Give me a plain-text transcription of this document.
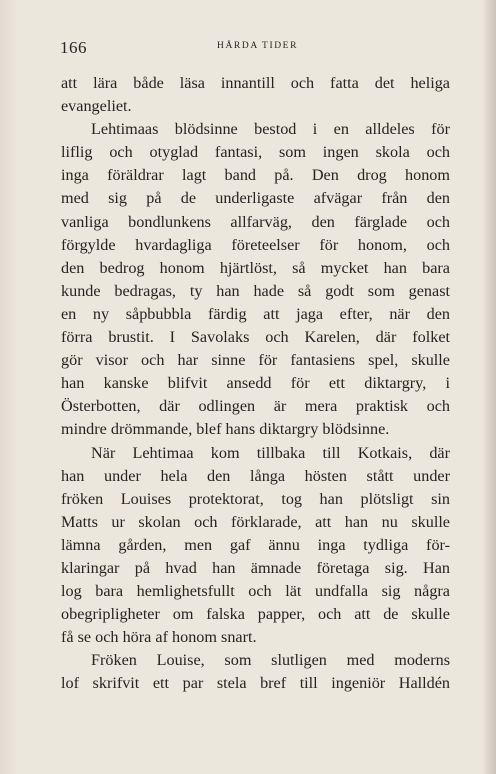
166	HÅRDA TIDER
att lära både läsa innantill och fatta det heliga
evangeliet.
Lehtimaas blödsinne bestod i en alldeles för
liflig och otyglad fantasi, som ingen skola och
inga föräldrar lagt band på. Den drog honom
med sig på de underligaste afvägar från den
vanliga bondlunkens allfarväg, den färglade och
förgylde hvardagliga företeelser för honom, och
den bedrog honom hjärtlöst, så mycket han bara
kunde bedragas, ty han hade så godt som genast
en ny såpbubbla färdig att jaga efter, när den
förra brustit. I Savolaks och Karelen, där folket
gör visor och har sinne för fantasiens spel, skulle
han kanske blifvit ansedd för ett diktargry, i
Österbotten, där odlingen är mera praktisk och
mindre drömmande, blef hans diktargry blödsinne.
När Lehtimaa kom tillbaka till Kotkais, där
han under hela den långa hösten stått under
fröken Louises protektorat, tog han plötsligt sin
Matts ur skolan och förklarade, att han nu skulle
lämna gården, men gaf ännu inga tydliga för-
klaringar på hvad han ämnade företaga sig. Han
log bara hemlighetsfullt och lät undfalla sig några
obegripligheter om falska papper, och att de skulle
få se och höra af honom snart.
Fröken Louise, som slutligen med moderns
lof skrifvit ett par stela bref till ingeniör Halldén
